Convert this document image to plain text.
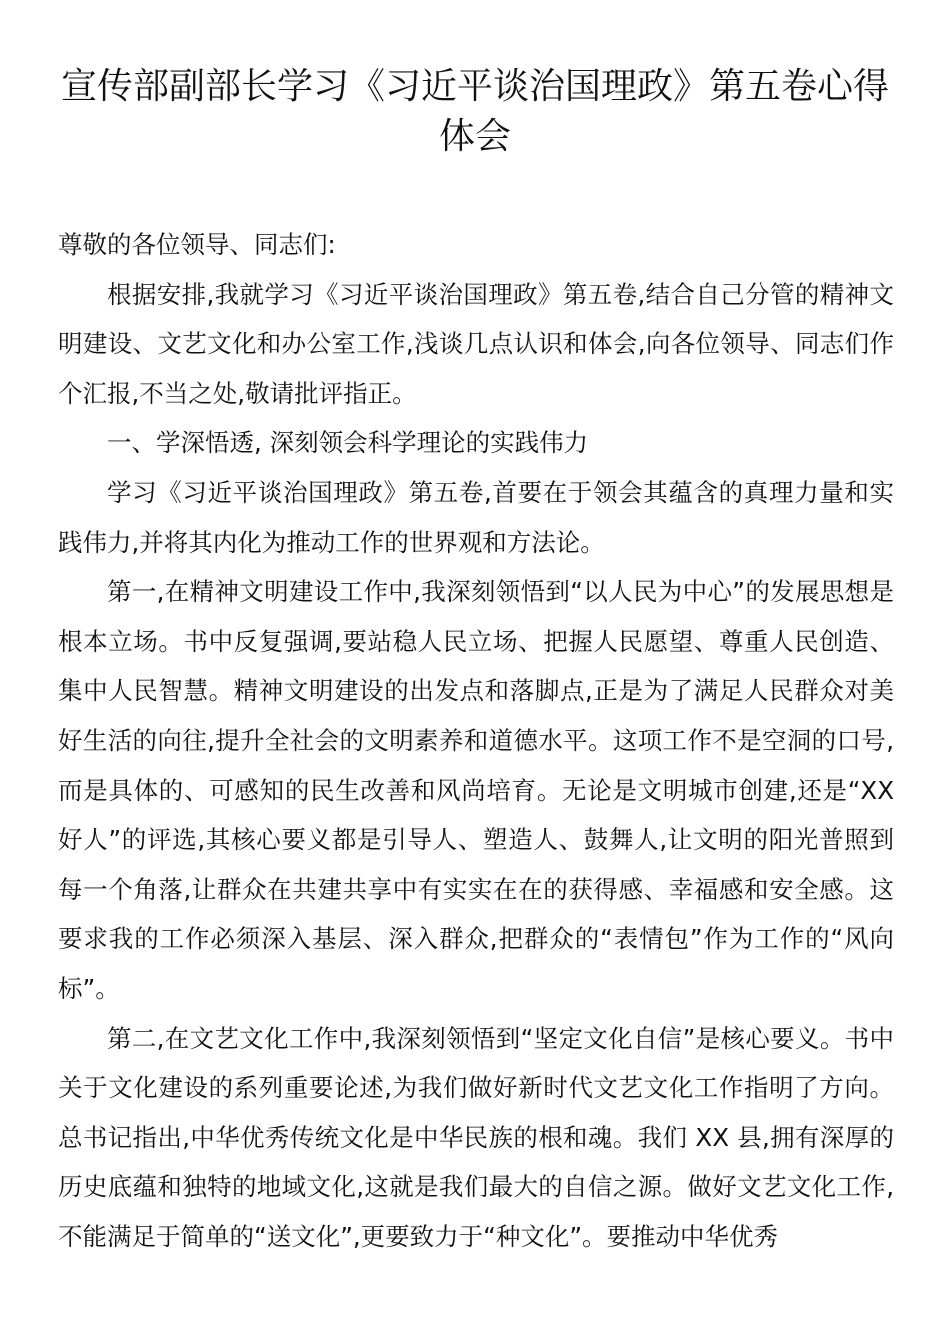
宣传部副部长学习《习近平谈治国理政》第五卷心得体会

尊敬的各位领导、同志们:

根据安排,我就学习《习近平谈治国理政》第五卷,结合自己分管的精神文明建设、文艺文化和办公室工作,浅谈几点认识和体会,向各位领导、同志们作个汇报,不当之处,敬请批评指正。

一、学深悟透, 深刻领会科学理论的实践伟力

学习《习近平谈治国理政》第五卷,首要在于领会其蕴含的真理力量和实践伟力,并将其内化为推动工作的世界观和方法论。

第一,在精神文明建设工作中,我深刻领悟到“以人民为中心”的发展思想是根本立场。书中反复强调,要站稳人民立场、把握人民愿望、尊重人民创造、集中人民智慧。精神文明建设的出发点和落脚点,正是为了满足人民群众对美好生活的向往,提升全社会的文明素养和道德水平。这项工作不是空洞的口号,而是具体的、可感知的民生改善和风尚培育。无论是文明城市创建,还是“XX 好人”的评选,其核心要义都是引导人、塑造人、鼓舞人,让文明的阳光普照到每一个角落,让群众在共建共享中有实实在在的获得感、幸福感和安全感。这要求我的工作必须深入基层、深入群众,把群众的“表情包”作为工作的“风向标”。

第二,在文艺文化工作中,我深刻领悟到“坚定文化自信”是核心要义。书中关于文化建设的系列重要论述,为我们做好新时代文艺文化工作指明了方向。总书记指出,中华优秀传统文化是中华民族的根和魂。我们 XX 县,拥有深厚的历史底蕴和独特的地域文化,这就是我们最大的自信之源。做好文艺文化工作,不能满足于简单的“送文化”,更要致力于“种文化”。要推动中华优秀
